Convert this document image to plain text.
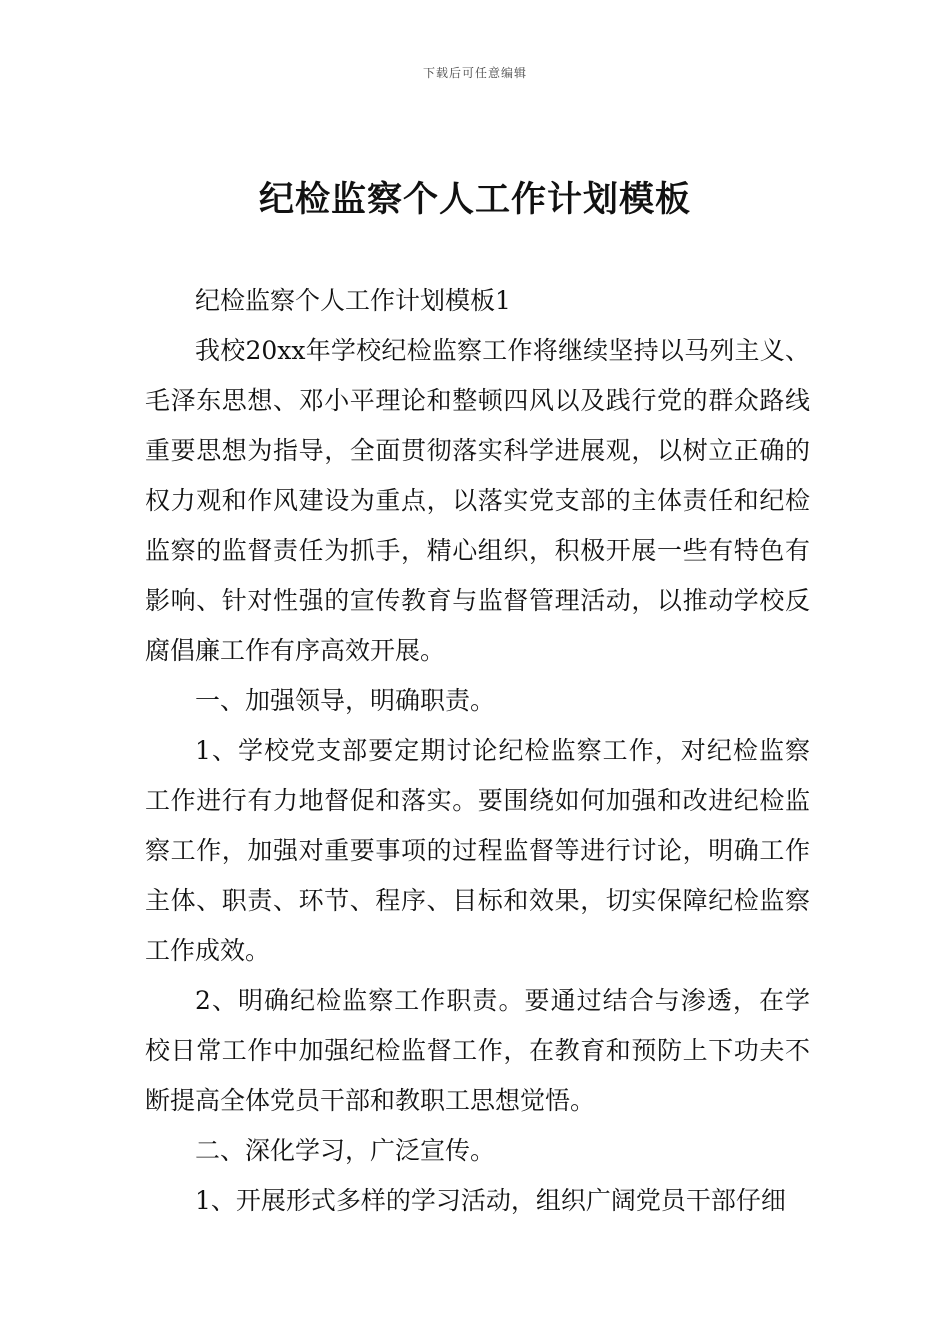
下载后可任意编辑
纪检监察个人工作计划模板

纪检监察个人工作计划模板1

我校20xx年学校纪检监察工作将继续坚持以马列主义、毛泽东思想、邓小平理论和整顿四风以及践行党的群众路线重要思想为指导，全面贯彻落实科学进展观，以树立正确的权力观和作风建设为重点，以落实党支部的主体责任和纪检监察的监督责任为抓手，精心组织，积极开展一些有特色有影响、针对性强的宣传教育与监督管理活动，以推动学校反腐倡廉工作有序高效开展。

一、加强领导，明确职责。

1、学校党支部要定期讨论纪检监察工作，对纪检监察工作进行有力地督促和落实。要围绕如何加强和改进纪检监察工作，加强对重要事项的过程监督等进行讨论，明确工作主体、职责、环节、程序、目标和效果，切实保障纪检监察工作成效。

2、明确纪检监察工作职责。要通过结合与渗透，在学校日常工作中加强纪检监督工作，在教育和预防上下功夫不断提高全体党员干部和教职工思想觉悟。

二、深化学习，广泛宣传。

1、开展形式多样的学习活动，组织广阔党员干部仔细
